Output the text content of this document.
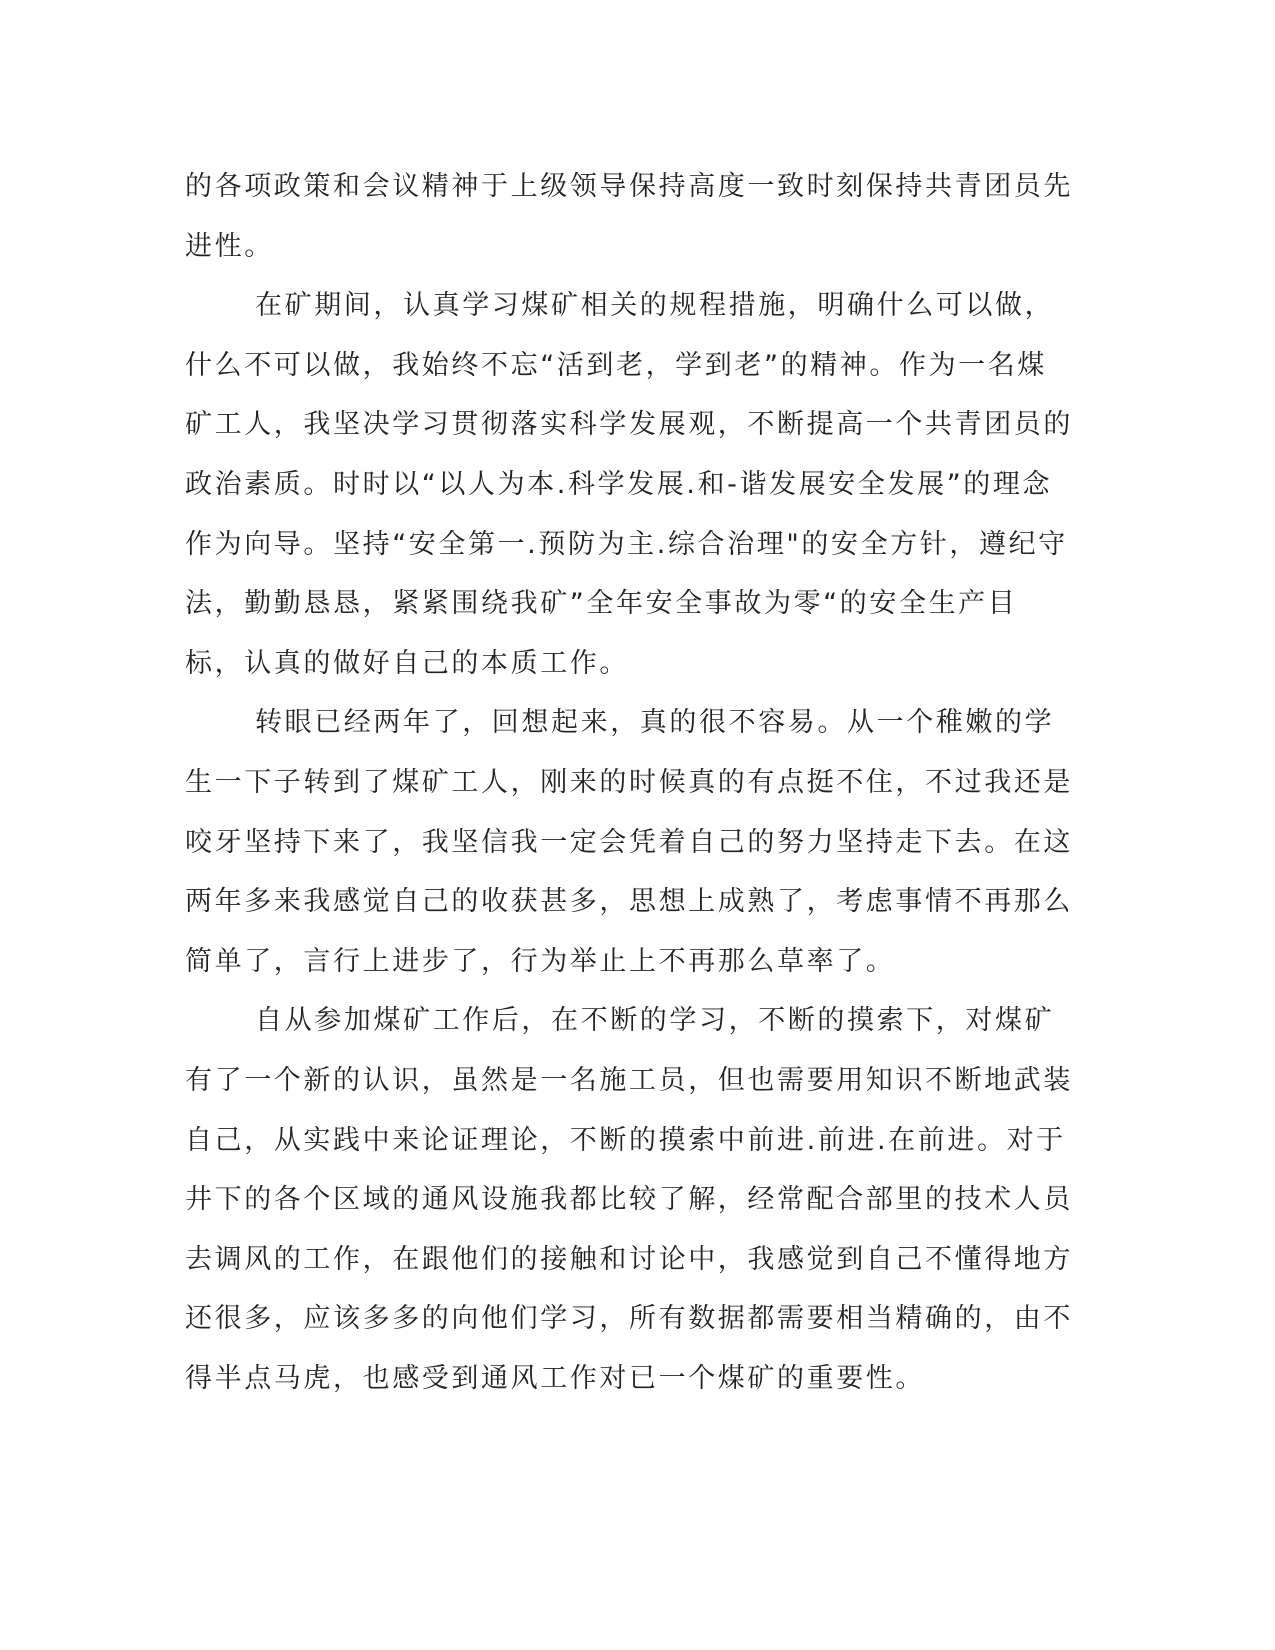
的各项政策和会议精神于上级领导保持高度一致时刻保持共青团员先进性。

在矿期间，认真学习煤矿相关的规程措施，明确什么可以做，什么不可以做，我始终不忘“活到老，学到老”的精神。作为一名煤矿工人，我坚决学习贯彻落实科学发展观，不断提高一个共青团员的政治素质。时时以“以人为本.科学发展.和-谐发展安全发展”的理念作为向导。坚持“安全第一.预防为主.综合治理"的安全方针，遵纪守法，勤勤恳恳，紧紧围绕我矿”全年安全事故为零“的安全生产目标，认真的做好自己的本质工作。

转眼已经两年了，回想起来，真的很不容易。从一个稚嫩的学生一下子转到了煤矿工人，刚来的时候真的有点挺不住，不过我还是咬牙坚持下来了，我坚信我一定会凭着自己的努力坚持走下去。在这两年多来我感觉自己的收获甚多，思想上成熟了，考虑事情不再那么简单了，言行上进步了，行为举止上不再那么草率了。

自从参加煤矿工作后，在不断的学习，不断的摸索下，对煤矿有了一个新的认识，虽然是一名施工员，但也需要用知识不断地武装自己，从实践中来论证理论，不断的摸索中前进.前进.在前进。对于井下的各个区域的通风设施我都比较了解，经常配合部里的技术人员去调风的工作，在跟他们的接触和讨论中，我感觉到自己不懂得地方还很多，应该多多的向他们学习，所有数据都需要相当精确的，由不得半点马虎，也感受到通风工作对已一个煤矿的重要性。
